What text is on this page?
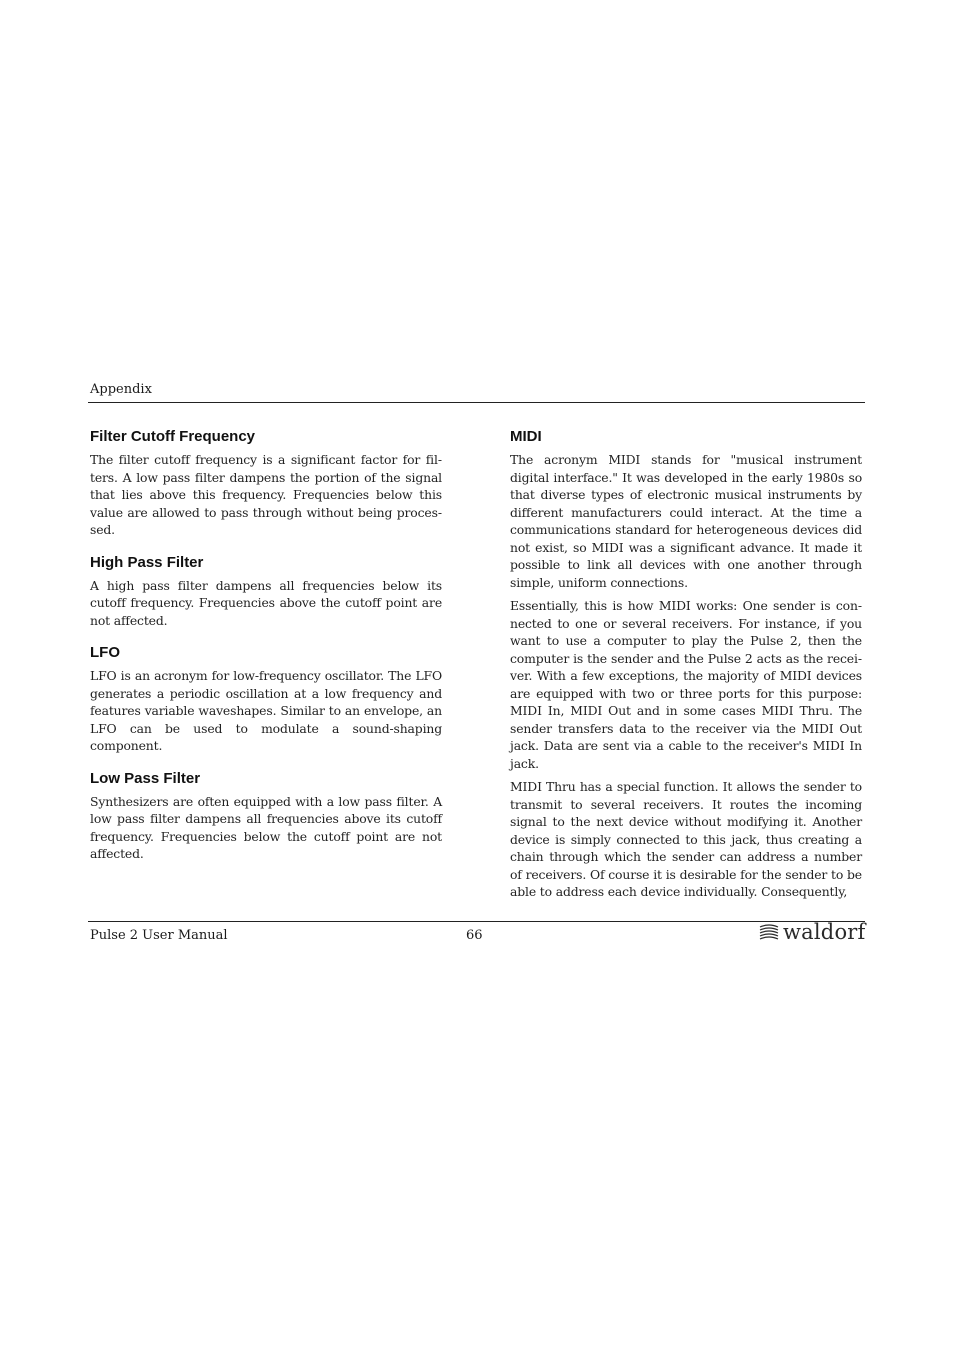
Appendix
Filter Cutoff Frequency

The filter cutoff frequency is a significant factor for filters. A low pass filter dampens the portion of the signal that lies above this frequency. Frequencies below this value are allowed to pass through without being processed.

High Pass Filter

A high pass filter dampens all frequencies below its cutoff frequency. Frequencies above the cutoff point are not affected.

LFO

LFO is an acronym for low-frequency oscillator. The LFO generates a periodic oscillation at a low frequency and features variable waveshapes. Similar to an envelope, an LFO can be used to modulate a sound-shaping component.

Low Pass Filter

Synthesizers are often equipped with a low pass filter. A low pass filter dampens all frequencies above its cutoff frequency. Frequencies below the cutoff point are not affected.

MIDI

The acronym MIDI stands for "musical instrument digital interface." It was developed in the early 1980s so that diverse types of electronic musical instruments by different manufacturers could interact. At the time a communications standard for heterogeneous devices did not exist, so MIDI was a significant advance. It made it possible to link all devices with one another through simple, uniform connections.

Essentially, this is how MIDI works: One sender is connected to one or several receivers. For instance, if you want to use a computer to play the Pulse 2, then the computer is the sender and the Pulse 2 acts as the receiver. With a few exceptions, the majority of MIDI devices are equipped with two or three ports for this purpose: MIDI In, MIDI Out and in some cases MIDI Thru. The sender transfers data to the receiver via the MIDI Out jack. Data are sent via a cable to the receiver's MIDI In jack.

MIDI Thru has a special function. It allows the sender to transmit to several receivers. It routes the incoming signal to the next device without modifying it. Another device is simply connected to this jack, thus creating a chain through which the sender can address a number of receivers. Of course it is desirable for the sender to be able to address each device individually. Consequently,

Pulse 2 User Manual	66	waldorf
